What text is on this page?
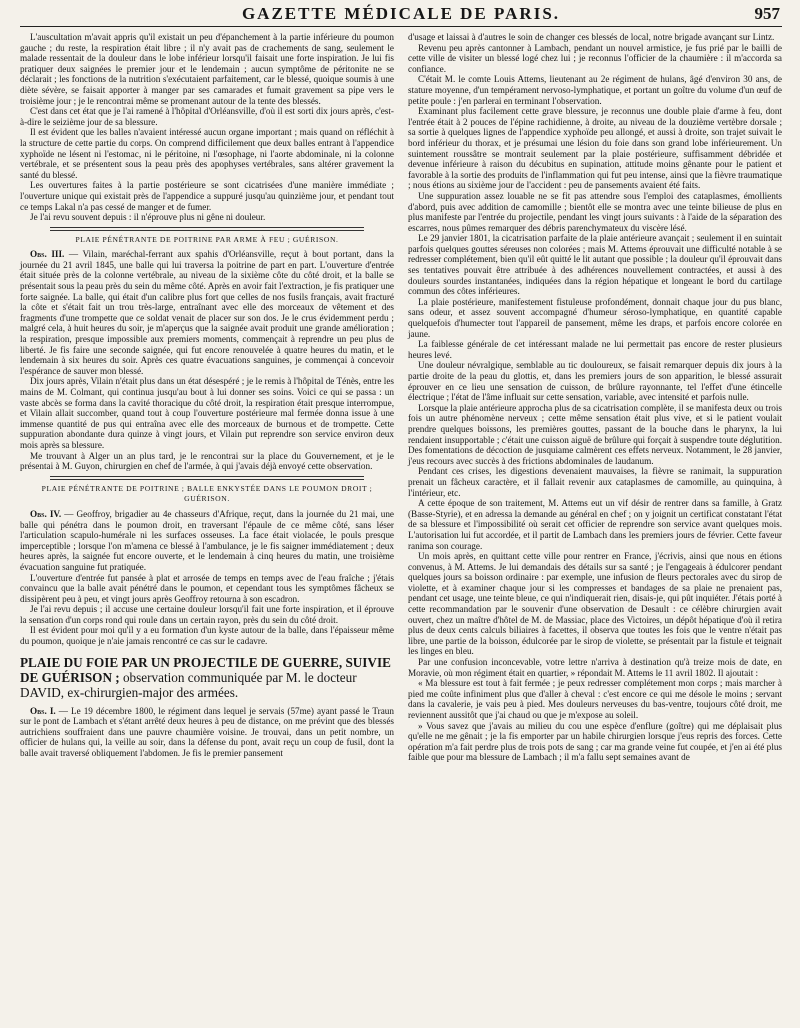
GAZETTE MÉDICALE DE PARIS.	957

L'auscultation m'avait appris qu'il existait un peu d'épanchement à la partie inférieure du poumon gauche ; du reste, la respiration était libre ; il n'y avait pas de crachements de sang, seulement le malade ressentait de la douleur dans le lobe inférieur lorsqu'il faisait une forte inspiration. Je lui fis pratiquer deux saignées le premier jour et le lendemain ; aucun symptôme de péritonite ne se déclarait ; les fonctions de la nutrition s'exécutaient parfaitement, car le blessé, quoique soumis à une diète sévère, se faisait apporter à manger par ses camarades et fumait gravement sa pipe vers le troisième jour ; je le rencontrai même se promenant autour de la tente des blessés.

C'est dans cet état que je l'ai ramené à l'hôpital d'Orléansville, d'où il est sorti dix jours après, c'est-à-dire le seizième jour de sa blessure.

Il est évident que les balles n'avaient intéressé aucun organe important ; mais quand on réfléchit à la structure de cette partie du corps. On comprend difficilement que deux balles entrant à l'appendice xyphoïde ne lésent ni l'estomac, ni le péritoine, ni l'œsophage, ni l'aorte abdominale, ni la colonne vertébrale, et se présentent sous la peau près des apophyses vertébrales, sans altérer gravement la santé du blessé.

Les ouvertures faites à la partie postérieure se sont cicatrisées d'une manière immédiate ; l'ouverture unique qui existait près de l'appendice a suppuré jusqu'au quinzième jour, et pendant tout ce temps Lakal n'a pas cessé de manger et de fumer.

Je l'ai revu souvent depuis : il n'éprouve plus ni gêne ni douleur.

PLAIE PÉNÉTRANTE DE POITRINE PAR ARME À FEU ; GUÉRISON.

Obs. III. — Vilain, maréchal-ferrant aux spahis d'Orléansville, reçut à bout portant, dans la journée du 21 avril 1845, une balle qui lui traversa la poitrine de part en part. L'ouverture d'entrée était située près de la colonne vertébrale, au niveau de la sixième côte du côté droit, et la balle se présentait sous la peau près du sein du même côté. Après en avoir fait l'extraction, je fis pratiquer une forte saignée. La balle, qui était d'un calibre plus fort que celles de nos fusils français, avait fracturé la côte et s'était fait un trou très-large, entraînant avec elle des morceaux de vêtement et des fragments d'une trompette que ce soldat venait de placer sur son dos. Je le crus évidemment perdu ; malgré cela, à huit heures du soir, je m'aperçus que la saignée avait produit une grande amélioration ; la respiration, presque impossible aux premiers moments, commençait à reprendre un peu plus de liberté. Je fis faire une seconde saignée, qui fut encore renouvelée à quatre heures du matin, et le lendemain à six heures du soir. Après ces quatre évacuations sanguines, je commençai à concevoir l'espérance de sauver mon blessé.

Dix jours après, Vilain n'était plus dans un état désespéré ; je le remis à l'hôpital de Ténès, entre les mains de M. Colmant, qui continua jusqu'au bout à lui donner ses soins. Voici ce qui se passa : un vaste abcès se forma dans la cavité thoracique du côté droit, la respiration était presque interrompue, et Vilain allait succomber, quand tout à coup l'ouverture postérieure mal fermée donna issue à une immense quantité de pus qui entraîna avec elle des morceaux de burnous et de trompette. Cette suppuration abondante dura quinze à vingt jours, et Vilain put reprendre son service environ deux mois après sa blessure.

Me trouvant à Alger un an plus tard, je le rencontrai sur la place du Gouvernement, et je le présentai à M. Guyon, chirurgien en chef de l'armée, à qui j'avais déjà envoyé cette observation.

PLAIE PÉNÉTRANTE DE POITRINE ; BALLE ENKYSTÉE DANS LE POUMON DROIT ; GUÉRISON.

Obs. IV. — Geoffroy, brigadier au 4e chasseurs d'Afrique, reçut, dans la journée du 21 mai, une balle qui pénétra dans le poumon droit, en traversant l'épaule de ce même côté, sans léser l'articulation scapulo-humérale ni les surfaces osseuses. La face était violacée, le pouls presque imperceptible ; lorsque l'on m'amena ce blessé à l'ambulance, je le fis saigner immédiatement ; deux heures après, la saignée fut encore ouverte, et le lendemain à cinq heures du matin, une troisième évacuation sanguine fut pratiquée.

L'ouverture d'entrée fut pansée à plat et arrosée de temps en temps avec de l'eau fraîche ; j'étais convaincu que la balle avait pénétré dans le poumon, et cependant tous les symptômes fâcheux se dissipèrent peu à peu, et vingt jours après Geoffroy retourna à son escadron.

Je l'ai revu depuis ; il accuse une certaine douleur lorsqu'il fait une forte inspiration, et il éprouve la sensation d'un corps rond qui roule dans un certain rayon, près du sein du côté droit.

Il est évident pour moi qu'il y a eu formation d'un kyste autour de la balle, dans l'épaisseur même du poumon, quoique je n'aie jamais rencontré ce cas sur le cadavre.

PLAIE DU FOIE PAR UN PROJECTILE DE GUERRE, SUIVIE DE GUÉRISON ; observation communiquée par M. le docteur DAVID, ex-chirurgien-major des armées.

Obs. I. — Le 19 décembre 1800, le régiment dans lequel je servais (57me) ayant passé le Traun sur le pont de Lambach et s'étant arrêté deux heures à peu de distance, on me prévint que des blessés autrichiens souffraient dans une pauvre chaumière voisine. Je trouvai, dans un petit nombre, un officier de hulans qui, la veille au soir, dans la défense du pont, avait reçu un coup de fusil, dont la balle avait traversé obliquement l'abdomen. Je fis le premier pansement

d'usage et laissai à d'autres le soin de changer ces blessés de local, notre brigade avançant sur Lintz.

Revenu peu après cantonner à Lambach, pendant un nouvel armistice, je fus prié par le bailli de cette ville de visiter un blessé logé chez lui ; je reconnus l'officier de la chaumière : il m'accorda sa confiance.

C'était M. le comte Louis Attems, lieutenant au 2e régiment de hulans, âgé d'environ 30 ans, de stature moyenne, d'un tempérament nervoso-lymphatique, et portant un goître du volume d'un œuf de petite poule : j'en parlerai en terminant l'observation.

Examinant plus facilement cette grave blessure, je reconnus une double plaie d'arme à feu, dont l'entrée était à 2 pouces de l'épine rachidienne, à droite, au niveau de la douzième vertèbre dorsale ; sa sortie à quelques lignes de l'appendice xyphoïde peu allongé, et aussi à droite, son trajet suivait le bord inférieur du thorax, et je présumai une lésion du foie dans son grand lobe inférieurement. Un suintement roussâtre se montrait seulement par la plaie postérieure, suffisamment débridée et devenue inférieure à raison du décubitus en supination, attitude moins gênante pour le patient et favorable à la sortie des produits de l'inflammation qui fut peu intense, ainsi que la fièvre traumatique ; nous étions au sixième jour de l'accident : peu de pansements avaient été faits.

Une suppuration assez louable ne se fit pas attendre sous l'emploi des cataplasmes, émollients d'abord, puis avec addition de camomille ; bientôt elle se montra avec une teinte bilieuse de plus en plus manifeste par l'entrée du projectile, pendant les vingt jours suivants : à l'aide de la séparation des escarres, nous pûmes remarquer des débris parenchymateux du viscère lésé.

Le 29 janvier 1801, la cicatrisation parfaite de la plaie antérieure avançait ; seulement il en suintait parfois quelques gouttes séreuses non colorées ; mais M. Attems éprouvait une difficulté notable à se redresser complétement, bien qu'il eût quitté le lit autant que possible ; la douleur qu'il éprouvait dans ses tentatives pouvait être attribuée à des adhérences nouvellement contractées, et aussi à des douleurs sourdes instantanées, indiquées dans la région hépatique et longeant le bord du cartilage commun des côtes inférieures.

La plaie postérieure, manifestement fistuleuse profondément, donnait chaque jour du pus blanc, sans odeur, et assez souvent accompagné d'humeur séroso-lymphatique, en quantité capable quelquefois d'humecter tout l'appareil de pansement, même les draps, et parfois encore colorée en jaune.

La faiblesse générale de cet intéressant malade ne lui permettait pas encore de rester plusieurs heures levé.

Une douleur névralgique, semblable au tic douloureux, se faisait remarquer depuis dix jours à la partie droite de la peau du glottis, et, dans les premiers jours de son apparition, le blessé assurait éprouver en ce lieu une sensation de cuisson, de brûlure rayonnante, tel l'effet d'une étincelle électrique ; l'état de l'âme influait sur cette sensation, variable, avec intensité et parfois nulle.

Lorsque la plaie antérieure approcha plus de sa cicatrisation complète, il se manifesta deux ou trois fois un autre phénomène nerveux ; cette même sensation était plus vive, et si le patient voulait prendre quelques boissons, les premières gouttes, passant de la bouche dans le pharynx, la lui rendaient insupportable ; c'était une cuisson aiguë de brûlure qui forçait à suspendre toute déglutition. Des fomentations de décoction de jusquiame calmèrent ces effets nerveux. Notamment, le 28 janvier, j'eus recours avec succès à des frictions abdominales de laudanum.

Pendant ces crises, les digestions devenaient mauvaises, la fièvre se ranimait, la suppuration prenait un fâcheux caractère, et il fallait revenir aux cataplasmes de camomille, au quinquina, à l'intérieur, etc.

A cette époque de son traitement, M. Attems eut un vif désir de rentrer dans sa famille, à Gratz (Basse-Styrie), et en adressa la demande au général en chef ; on y joignit un certificat constatant l'état de sa blessure et l'impossibilité où serait cet officier de reprendre son service avant quelques mois. L'autorisation lui fut accordée, et il partit de Lambach dans les premiers jours de février. Cette faveur ranima son courage.

Un mois après, en quittant cette ville pour rentrer en France, j'écrivis, ainsi que nous en étions convenus, à M. Attems. Je lui demandais des détails sur sa santé ; je l'engageais à édulcorer pendant quelques jours sa boisson ordinaire : par exemple, une infusion de fleurs pectorales avec du sirop de violette, et à examiner chaque jour si les compresses et bandages de sa plaie ne prenaient pas, pendant cet usage, une teinte bleue, ce qui n'indiquerait rien, disais-je, qui pût inquiéter. J'étais porté à cette recommandation par le souvenir d'une observation de Desault : ce célèbre chirurgien avait ouvert, chez un maître d'hôtel de M. de Massiac, place des Victoires, un dépôt hépatique d'où il retira plus de deux cents calculs biliaires à facettes, il observa que toutes les fois que le ventre n'était pas libre, une partie de la boisson, édulcorée par le sirop de violette, se présentait par la fistule et teignait les linges en bleu.

Par une confusion inconcevable, votre lettre n'arriva à destination qu'à treize mois de date, en Moravie, où mon régiment était en quartier, » répondait M. Attems le 11 avril 1802. Il ajoutait :

« Ma blessure est tout à fait fermée ; je peux redresser complétement mon corps ; mais marcher à pied me coûte infiniment plus que d'aller à cheval : c'est encore ce qui me désole le moins ; servant dans la cavalerie, je vais peu à pied. Mes douleurs nerveuses du bas-ventre, toujours côté droit, me reviennent aussitôt que j'ai chaud ou que je m'expose au soleil.

» Vous savez que j'avais au milieu du cou une espèce d'enflure (goître) qui me déplaisait plus qu'elle ne me gênait ; je la fis emporter par un habile chirurgien lorsque j'eus repris des forces. Cette opération m'a fait perdre plus de trois pots de sang ; car ma grande veine fut coupée, et j'en ai été plus faible que pour ma blessure de Lambach ; il m'a fallu sept semaines avant de
